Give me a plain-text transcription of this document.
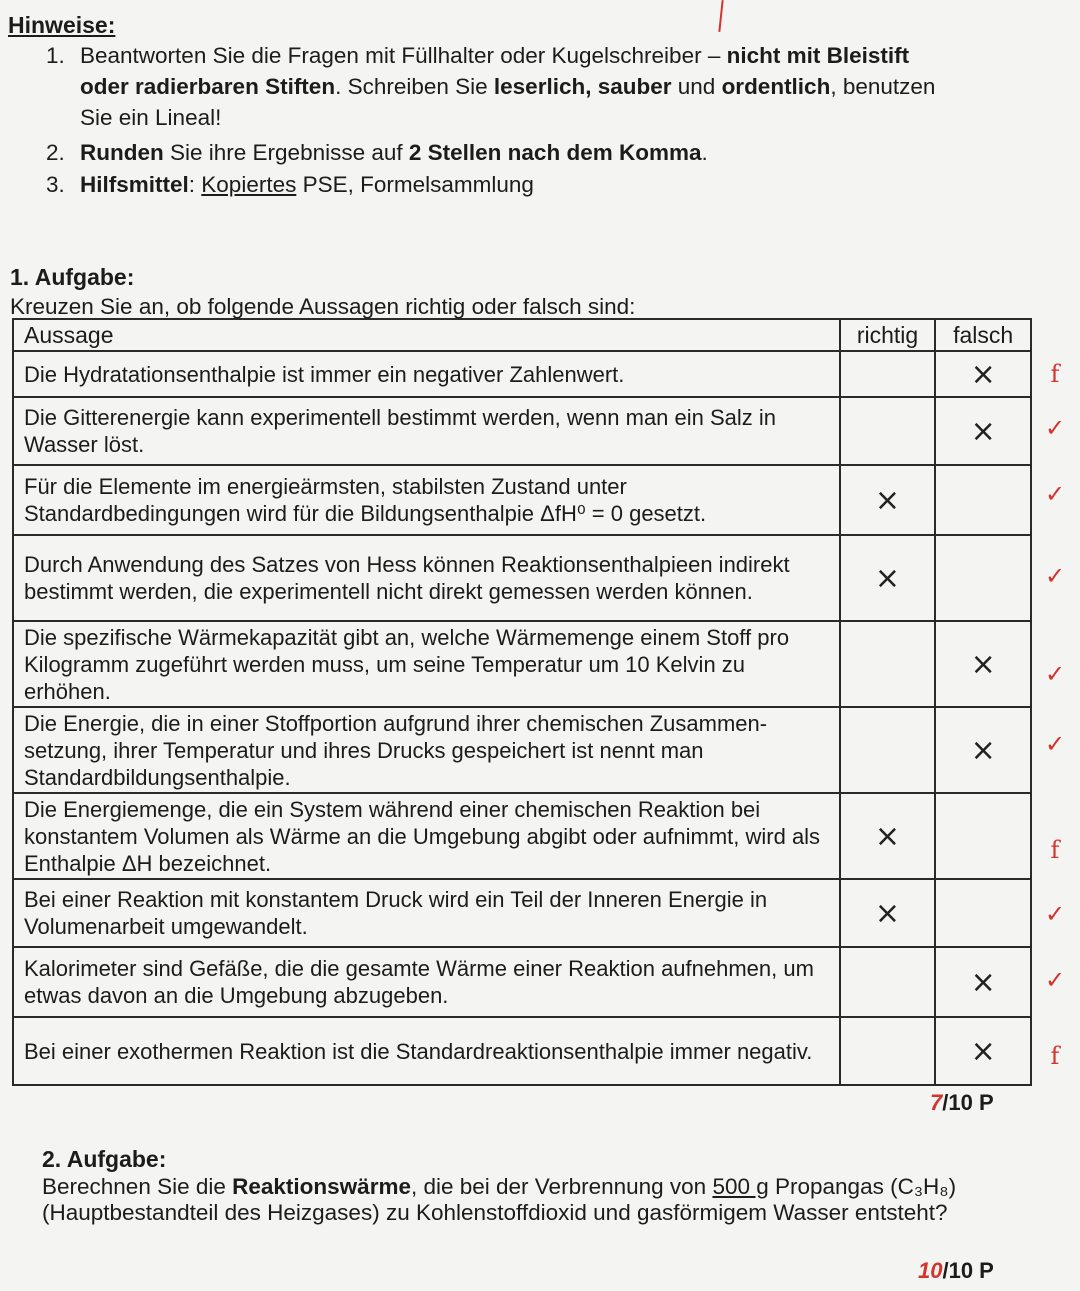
Hinweise:
1. Beantworten Sie die Fragen mit Füllhalter oder Kugelschreiber – nicht mit Bleistift
oder radierbaren Stiften. Schreiben Sie leserlich, sauber und ordentlich, benutzen
Sie ein Lineal!
2. Runden Sie ihre Ergebnisse auf 2 Stellen nach dem Komma.
3. Hilfsmittel: Kopiertes PSE, Formelsammlung
1. Aufgabe:
Kreuzen Sie an, ob folgende Aussagen richtig oder falsch sind:
Aussage	richtig	falsch
Die Hydratationsenthalpie ist immer ein negativer Zahlenwert.		×
Die Gitterenergie kann experimentell bestimmt werden, wenn man ein Salz in Wasser löst.		×
Für die Elemente im energieärmsten, stabilsten Zustand unter Standardbedingungen wird für die Bildungsenthalpie ΔfH⁰ = 0 gesetzt.	×	
Durch Anwendung des Satzes von Hess können Reaktionsenthalpieen indirekt bestimmt werden, die experimentell nicht direkt gemessen werden können.	×	
Die spezifische Wärmekapazität gibt an, welche Wärmemenge einem Stoff pro Kilogramm zugeführt werden muss, um seine Temperatur um 10 Kelvin zu erhöhen.		×
Die Energie, die in einer Stoffportion aufgrund ihrer chemischen Zusammen-setzung, ihrer Temperatur und ihres Drucks gespeichert ist nennt man Standardbildungsenthalpie.		×
Die Energiemenge, die ein System während einer chemischen Reaktion bei konstantem Volumen als Wärme an die Umgebung abgibt oder aufnimmt, wird als Enthalpie ΔH bezeichnet.	×	
Bei einer Reaktion mit konstantem Druck wird ein Teil der Inneren Energie in Volumenarbeit umgewandelt.	×	
Kalorimeter sind Gefäße, die die gesamte Wärme einer Reaktion aufnehmen, um etwas davon an die Umgebung abzugeben.		×
Bei einer exothermen Reaktion ist die Standardreaktionsenthalpie immer negativ.		×
f
✓
✓
✓
✓
✓
f
✓
✓
f
7/10 P
2. Aufgabe:
Berechnen Sie die Reaktionswärme, die bei der Verbrennung von 500 g Propangas (C₃H₈)
(Hauptbestandteil des Heizgases) zu Kohlenstoffdioxid und gasförmigem Wasser entsteht?
10/10 P
